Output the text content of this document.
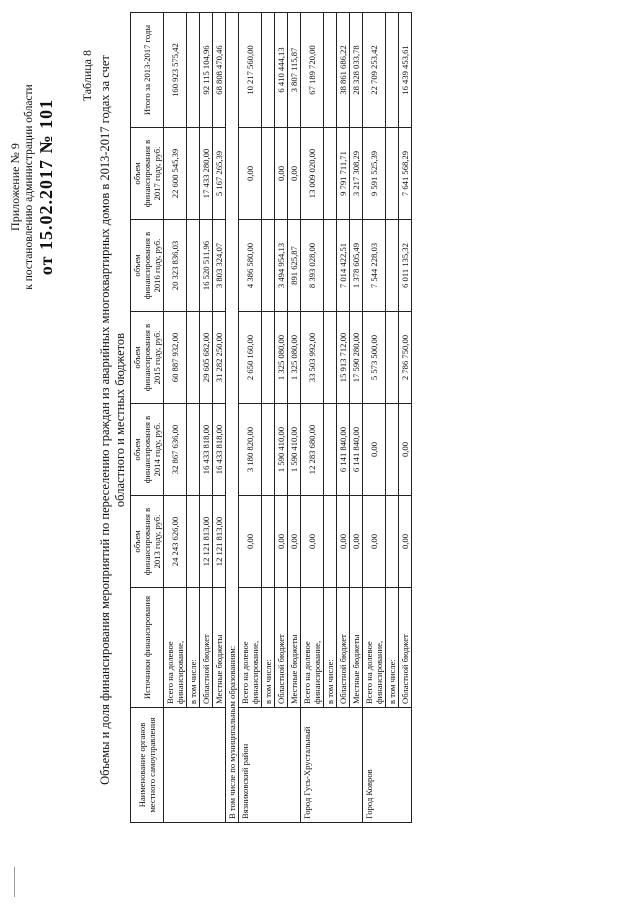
Приложение № 9 к постановлению администрации области от 15.02.2017 № 101
Таблица 8 Объемы и доля финансирования мероприятий по переселению граждан из аварийных многоквартирных домов в 2013-2017 годах за счет областного и местных бюджетов
Наименование органов местного самоуправления	Источники финансирования	объем финансирования в 2013 году, руб.	объем финансирования в 2014 году, руб.	объем финансирования в 2015 году, руб.	объем финансирования в 2016 году, руб.	объем финансирования в 2017 году, руб.	Итого за 2013-2017 годы
	Всего на долевое финансирование,	24 243 626,00	32 867 636,00	60 887 932,00	20 323 836,03	22 600 545,39	160 923 575,42
	в том числе:						
	Областной бюджет	12 121 813,00	16 433 818,00	29 605 682,00	16 520 511,96	17 433 280,00	92 115 104,96
	Местные бюджеты	12 121 813,00	16 433 818,00	31 282 250,00	3 803 324,07	5 167 265,39	68 808 470,46
В том числе по муниципальным образованиям:							
Вязниковский район	Всего на долевое финансирование,	0,00	3 180 820,00	2 650 160,00	4 386 580,00	0,00	10 217 560,00
	в том числе:						
	Областной бюджет	0,00	1 590 410,00	1 325 080,00	3 494 954,13	0,00	6 410 444,13
	Местные бюджеты	0,00	1 590 410,00	1 325 080,00	891 625,87	0,00	3 807 115,87
Город Гусь-Хрустальный	Всего на долевое финансирование,	0,00	12 283 680,00	33 503 992,00	8 393 028,00	13 009 020,00	67 189 720,00
	в том числе:						
	Областной бюджет	0,00	6 141 840,00	15 913 712,00	7 014 422,51	9 791 711,71	38 861 686,22
	Местные бюджеты	0,00	6 141 840,00	17 590 280,00	1 378 605,49	3 217 308,29	28 328 033,78
Город Ковров	Всего на долевое финансирование,	0,00	0,00	5 573 500,00	7 544 228,03	9 591 525,39	22 709 253,42
	в том числе:						
	Областной бюджет	0,00	0,00	2 786 750,00	6 011 135,32	7 641 568,29	16 439 453,61
